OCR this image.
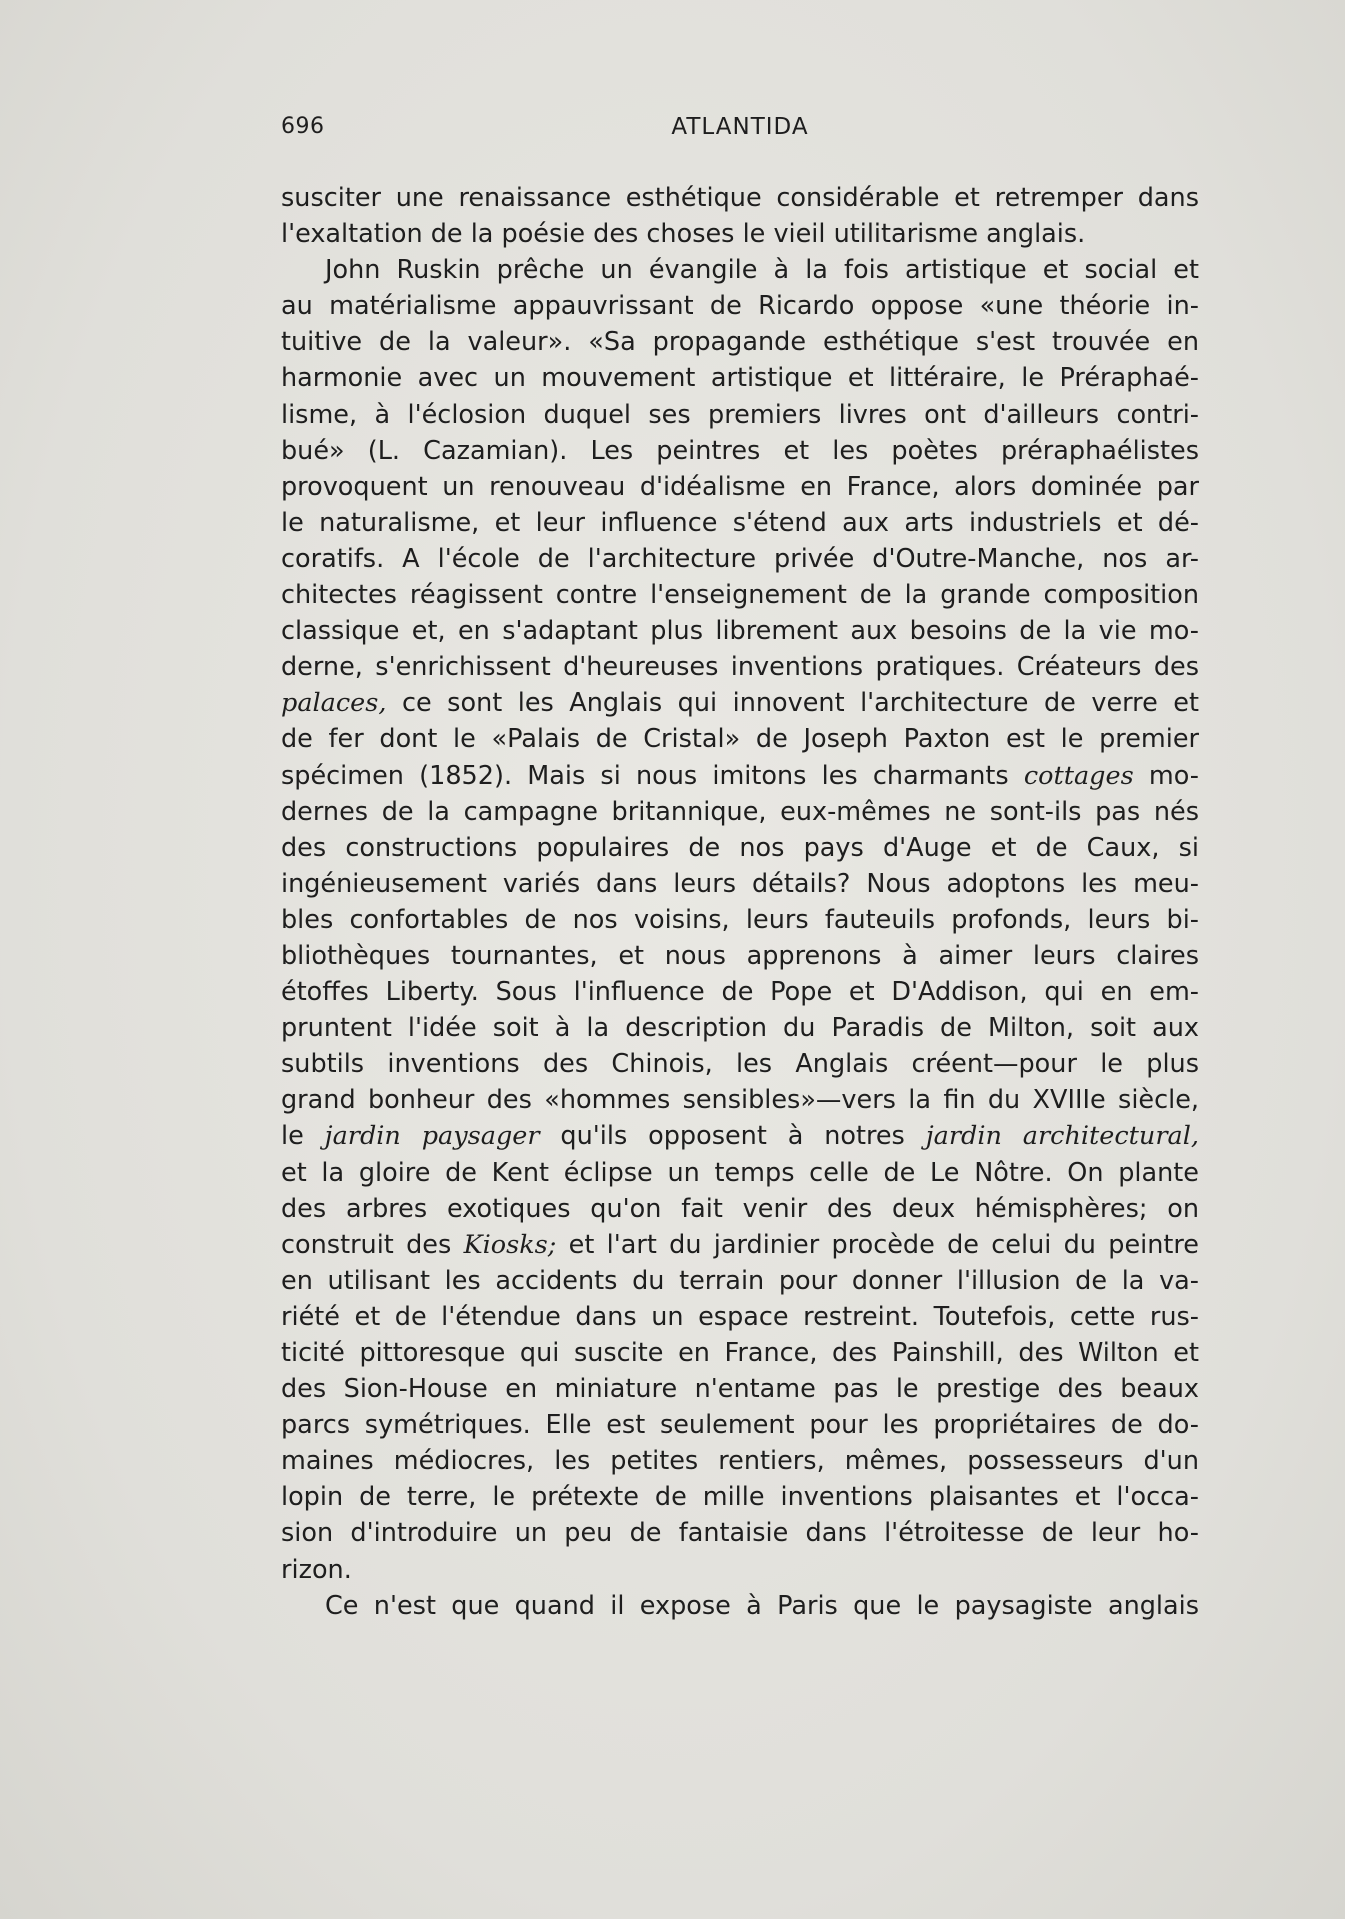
696	ATLANTIDA
susciter une renaissance esthétique considérable et retremper dans
l'exaltation de la poésie des choses le vieil utilitarisme anglais.
John Ruskin prêche un évangile à la fois artistique et social et
au matérialisme appauvrissant de Ricardo oppose «une théorie in-
tuitive de la valeur». «Sa propagande esthétique s'est trouvée en
harmonie avec un mouvement artistique et littéraire, le Préraphaé-
lisme, à l'éclosion duquel ses premiers livres ont d'ailleurs contri-
bué» (L. Cazamian). Les peintres et les poètes préraphaélistes
provoquent un renouveau d'idéalisme en France, alors dominée par
le naturalisme, et leur influence s'étend aux arts industriels et dé-
coratifs. A l'école de l'architecture privée d'Outre-Manche, nos ar-
chitectes réagissent contre l'enseignement de la grande composition
classique et, en s'adaptant plus librement aux besoins de la vie mo-
derne, s'enrichissent d'heureuses inventions pratiques. Créateurs des
palaces, ce sont les Anglais qui innovent l'architecture de verre et
de fer dont le «Palais de Cristal» de Joseph Paxton est le premier
spécimen (1852). Mais si nous imitons les charmants cottages mo-
dernes de la campagne britannique, eux-mêmes ne sont-ils pas nés
des constructions populaires de nos pays d'Auge et de Caux, si
ingénieusement variés dans leurs détails? Nous adoptons les meu-
bles confortables de nos voisins, leurs fauteuils profonds, leurs bi-
bliothèques tournantes, et nous apprenons à aimer leurs claires
étoffes Liberty. Sous l'influence de Pope et D'Addison, qui en em-
pruntent l'idée soit à la description du Paradis de Milton, soit aux
subtils inventions des Chinois, les Anglais créent—pour le plus
grand bonheur des «hommes sensibles»—vers la fin du XVIIIe siècle,
le jardin paysager qu'ils opposent à notres jardin architectural,
et la gloire de Kent éclipse un temps celle de Le Nôtre. On plante
des arbres exotiques qu'on fait venir des deux hémisphères; on
construit des Kiosks; et l'art du jardinier procède de celui du peintre
en utilisant les accidents du terrain pour donner l'illusion de la va-
riété et de l'étendue dans un espace restreint. Toutefois, cette rus-
ticité pittoresque qui suscite en France, des Painshill, des Wilton et
des Sion-House en miniature n'entame pas le prestige des beaux
parcs symétriques. Elle est seulement pour les propriétaires de do-
maines médiocres, les petites rentiers, mêmes, possesseurs d'un
lopin de terre, le prétexte de mille inventions plaisantes et l'occa-
sion d'introduire un peu de fantaisie dans l'étroitesse de leur ho-
rizon.
Ce n'est que quand il expose à Paris que le paysagiste anglais
